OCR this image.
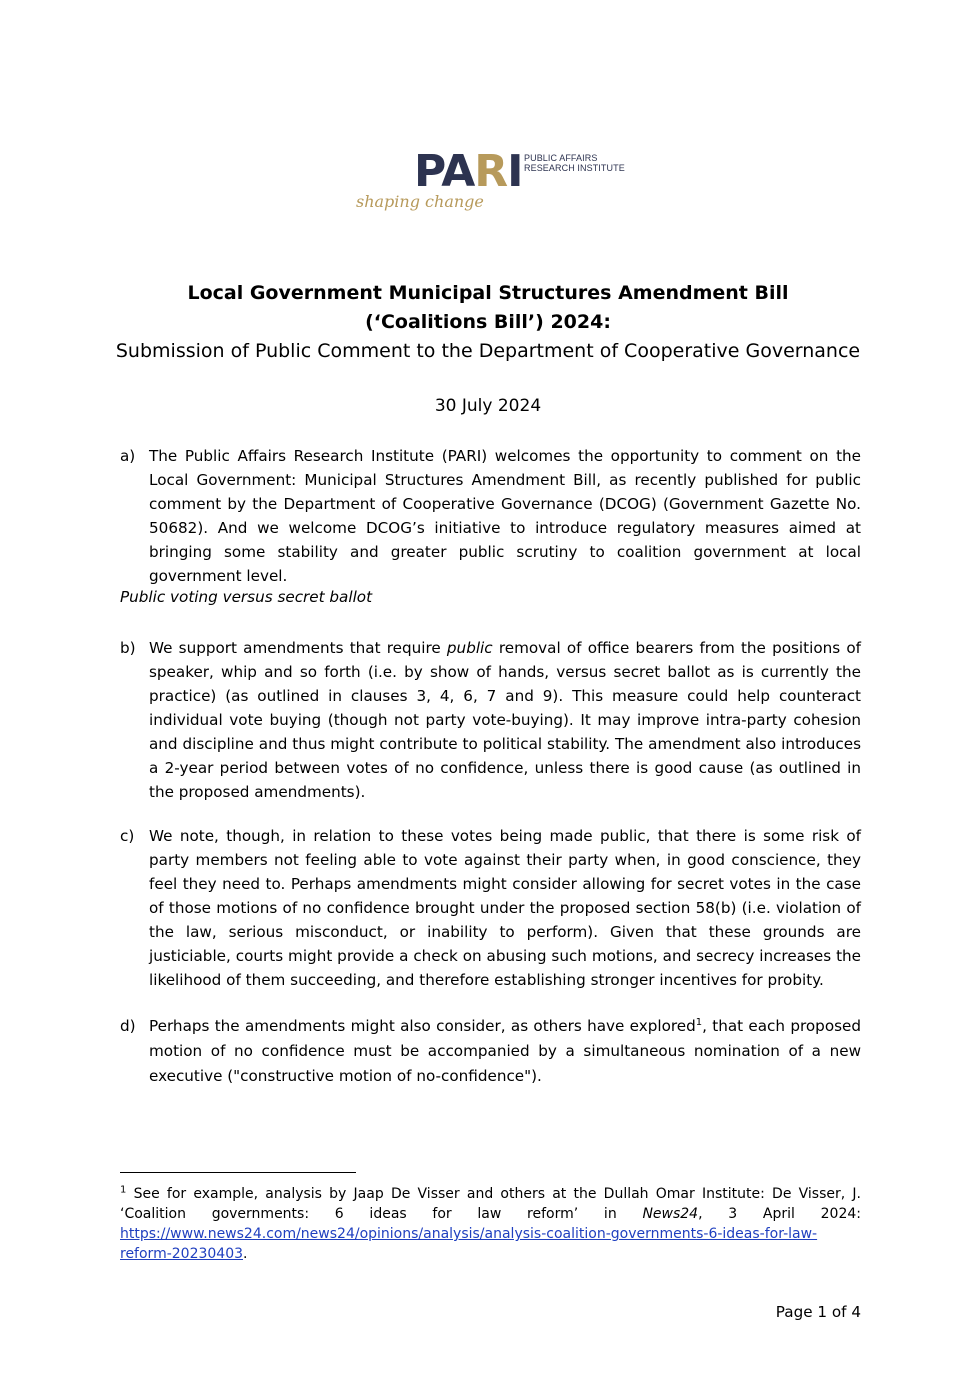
PARI PUBLIC AFFAIRS
RESEARCH INSTITUTE
shaping change
Local Government Municipal Structures Amendment Bill
(‘Coalitions Bill’) 2024:
Submission of Public Comment to the Department of Cooperative Governance
30 July 2024
a) The Public Affairs Research Institute (PARI) welcomes the opportunity to comment on the Local Government: Municipal Structures Amendment Bill, as recently published for public comment by the Department of Cooperative Governance (DCOG) (Government Gazette No. 50682). And we welcome DCOG’s initiative to introduce regulatory measures aimed at bringing some stability and greater public scrutiny to coalition government at local government level.
Public voting versus secret ballot
b) We support amendments that require public removal of office bearers from the positions of speaker, whip and so forth (i.e. by show of hands, versus secret ballot as is currently the practice) (as outlined in clauses 3, 4, 6, 7 and 9). This measure could help counteract individual vote buying (though not party vote-buying). It may improve intra-party cohesion and discipline and thus might contribute to political stability. The amendment also introduces a 2-year period between votes of no confidence, unless there is good cause (as outlined in the proposed amendments).
c) We note, though, in relation to these votes being made public, that there is some risk of party members not feeling able to vote against their party when, in good conscience, they feel they need to. Perhaps amendments might consider allowing for secret votes in the case of those motions of no confidence brought under the proposed section 58(b) (i.e. violation of the law, serious misconduct, or inability to perform). Given that these grounds are justiciable, courts might provide a check on abusing such motions, and secrecy increases the likelihood of them succeeding, and therefore establishing stronger incentives for probity.
d) Perhaps the amendments might also consider, as others have explored$^1$, that each proposed motion of no confidence must be accompanied by a simultaneous nomination of a new executive ("constructive motion of no-confidence").
$^1$ See for example, analysis by Jaap De Visser and others at the Dullah Omar Institute: De Visser, J. ‘Coalition governments: 6 ideas for law reform’ in News24, 3 April 2024: https://www.news24.com/news24/opinions/analysis/analysis-coalition-governments-6-ideas-for-law-reform-20230403.
Page 1 of 4
